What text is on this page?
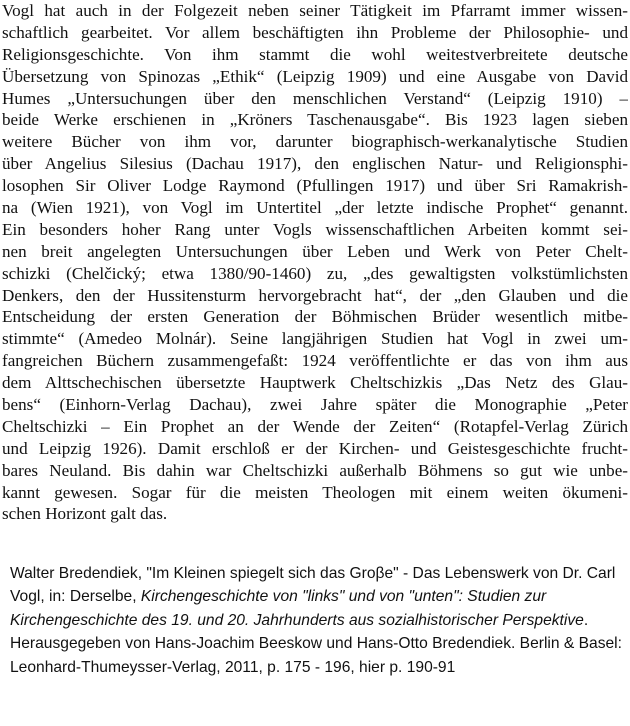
Vogl hat auch in der Folgezeit neben seiner Tätigkeit im Pfarramt immer wissen-
schaftlich gearbeitet. Vor allem beschäftigten ihn Probleme der Philosophie- und
Religionsgeschichte. Von ihm stammt die wohl weitestverbreitete deutsche
Übersetzung von Spinozas „Ethik“ (Leipzig 1909) und eine Ausgabe von David
Humes „Untersuchungen über den menschlichen Verstand“ (Leipzig 1910) –
beide Werke erschienen in „Kröners Taschenausgabe“. Bis 1923 lagen sieben
weitere Bücher von ihm vor, darunter biographisch-werkanalytische Studien
über Angelius Silesius (Dachau 1917), den englischen Natur- und Religionsphi-
losophen Sir Oliver Lodge Raymond (Pfullingen 1917) und über Sri Ramakrish-
na (Wien 1921), von Vogl im Untertitel „der letzte indische Prophet“ genannt.
Ein besonders hoher Rang unter Vogls wissenschaftlichen Arbeiten kommt sei-
nen breit angelegten Untersuchungen über Leben und Werk von Peter Chelt-
schizki (Chelčický; etwa 1380/90-1460) zu, „des gewaltigsten volkstümlichsten
Denkers, den der Hussitensturm hervorgebracht hat“, der „den Glauben und die
Entscheidung der ersten Generation der Böhmischen Brüder wesentlich mitbe-
stimmte“ (Amedeo Molnár). Seine langjährigen Studien hat Vogl in zwei um-
fangreichen Büchern zusammengefaßt: 1924 veröffentlichte er das von ihm aus
dem Alttschechischen übersetzte Hauptwerk Cheltschizkis „Das Netz des Glau-
bens“ (Einhorn-Verlag Dachau), zwei Jahre später die Monographie „Peter
Cheltschizki – Ein Prophet an der Wende der Zeiten“ (Rotapfel-Verlag Zürich
und Leipzig 1926). Damit erschloß er der Kirchen- und Geistesgeschichte frucht-
bares Neuland. Bis dahin war Cheltschizki außerhalb Böhmens so gut wie unbe-
kannt gewesen. Sogar für die meisten Theologen mit einem weiten ökumeni-
schen Horizont galt das.
Walter Bredendiek, "Im Kleinen spiegelt sich das Groβe" - Das Lebenswerk von Dr. Carl Vogl, in: Derselbe, Kirchengeschichte von "links" und von "unten": Studien zur Kirchengeschichte des 19. und 20. Jahrhunderts aus sozialhistorischer Perspektive. Herausgegeben von Hans-Joachim Beeskow und Hans-Otto Bredendiek. Berlin & Basel: Leonhard-Thumeysser-Verlag, 2011, p. 175 - 196, hier p. 190-91
